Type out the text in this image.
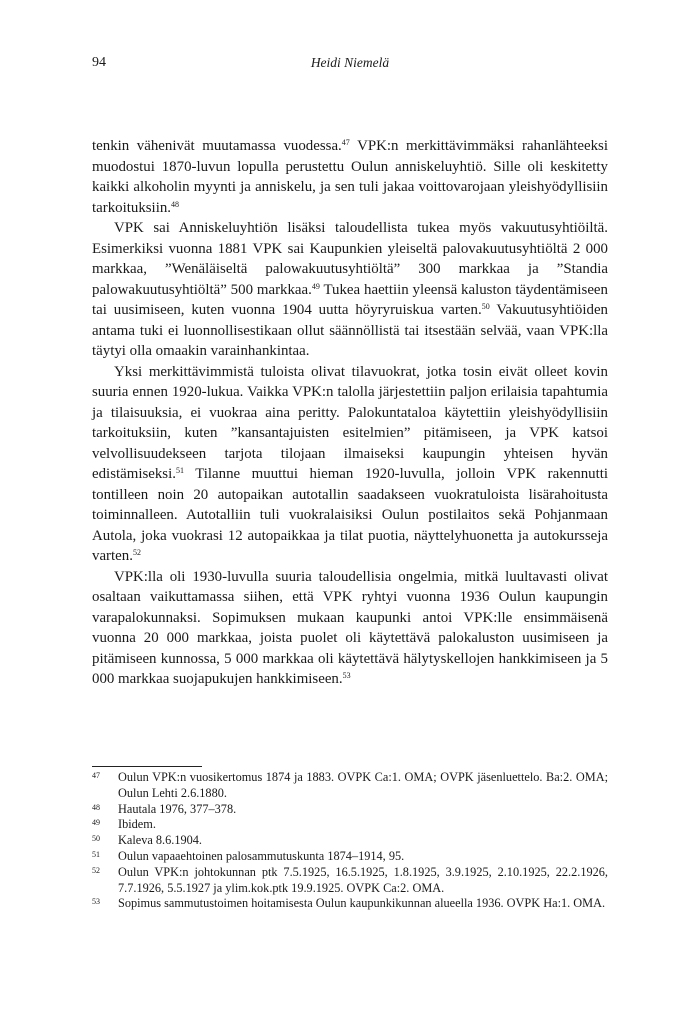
94	Heidi Niemelä

tenkin vähenivät muutamassa vuodessa.$^{47}$ VPK:n merkittävimmäksi rahanlähteeksi muodostui 1870-luvun lopulla perustettu Oulun anniskeluyhtiö. Sille oli keskitetty kaikki alkoholin myynti ja anniskelu, ja sen tuli jakaa voittovarojaan yleishyödyllisiin tarkoituksiin.$^{48}$

VPK sai Anniskeluyhtiön lisäksi taloudellista tukea myös vakuutusyhtiöiltä. Esimerkiksi vuonna 1881 VPK sai Kaupunkien yleiseltä palovakuutusyhtiöltä 2 000 markkaa, ”Wenäläiseltä palowakuutusyhtiöltä” 300 markkaa ja ”Standia palowakuutusyhtiöltä” 500 markkaa.$^{49}$ Tukea haettiin yleensä kaluston täydentämiseen tai uusimiseen, kuten vuonna 1904 uutta höyryruiskua varten.$^{50}$ Vakuutusyhtiöiden antama tuki ei luonnollisestikaan ollut säännöllistä tai itsestään selvää, vaan VPK:lla täytyi olla omaakin varainhankintaa.

Yksi merkittävimmistä tuloista olivat tilavuokrat, jotka tosin eivät olleet kovin suuria ennen 1920-lukua. Vaikka VPK:n talolla järjestettiin paljon erilaisia tapahtumia ja tilaisuuksia, ei vuokraa aina peritty. Palokuntataloa käytettiin yleishyödyllisiin tarkoituksiin, kuten ”kansantajuisten esitelmien” pitämiseen, ja VPK katsoi velvollisuudekseen tarjota tilojaan ilmaiseksi kaupungin yhteisen hyvän edistämiseksi.$^{51}$ Tilanne muuttui hieman 1920-luvulla, jolloin VPK rakennutti tontilleen noin 20 autopaikan autotallin saadakseen vuokratuloista lisärahoitusta toiminnalleen. Autotalliin tuli vuokralaisiksi Oulun postilaitos sekä Pohjanmaan Autola, joka vuokrasi 12 autopaikkaa ja tilat puotia, näyttelyhuonetta ja autokursseja varten.$^{52}$

VPK:lla oli 1930-luvulla suuria taloudellisia ongelmia, mitkä luultavasti olivat osaltaan vaikuttamassa siihen, että VPK ryhtyi vuonna 1936 Oulun kaupungin varapalokunnaksi. Sopimuksen mukaan kaupunki antoi VPK:lle ensimmäisenä vuonna 20 000 markkaa, joista puolet oli käytettävä palokaluston uusimiseen ja pitämiseen kunnossa, 5 000 markkaa oli käytettävä hälytyskellojen hankkimiseen ja 5 000 markkaa suojapukujen hankkimiseen.$^{53}$

47	Oulun VPK:n vuosikertomus 1874 ja 1883. OVPK Ca:1. OMA; OVPK jäsenluettelo. Ba:2. OMA; Oulun Lehti 2.6.1880.
48	Hautala 1976, 377–378.
49	Ibidem.
50	Kaleva 8.6.1904.
51	Oulun vapaaehtoinen palosammutuskunta 1874–1914, 95.
52	Oulun VPK:n johtokunnan ptk 7.5.1925, 16.5.1925, 1.8.1925, 3.9.1925, 2.10.1925, 22.2.1926, 7.7.1926, 5.5.1927 ja ylim.kok.ptk 19.9.1925. OVPK Ca:2. OMA.
53	Sopimus sammutustoimen hoitamisesta Oulun kaupunkikunnan alueella 1936. OVPK Ha:1. OMA.
